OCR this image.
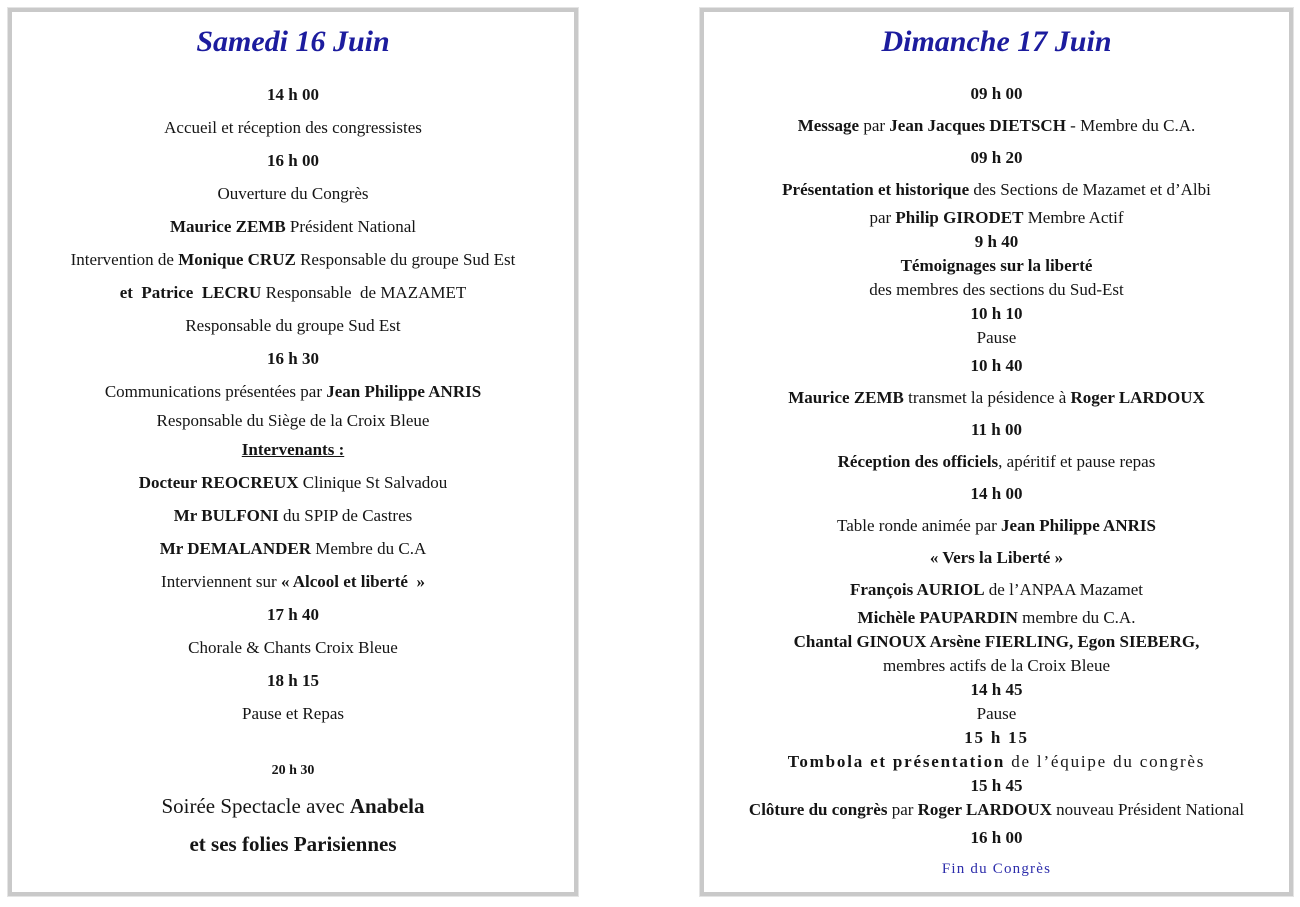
Samedi 16 Juin
14 h 00
Accueil et réception des congressistes
16 h 00
Ouverture du Congrès
Maurice ZEMB Président National
Intervention de Monique CRUZ Responsable du groupe Sud Est
et  Patrice  LECRU Responsable  de MAZAMET
Responsable du groupe Sud Est
16 h 30
Communications présentées par Jean Philippe ANRIS
Responsable du Siège de la Croix Bleue
Intervenants :
Docteur REOCREUX Clinique St Salvadou
Mr BULFONI du SPIP de Castres
Mr DEMALANDER Membre du C.A
Interviennent sur « Alcool et liberté  »
17 h 40
Chorale & Chants Croix Bleue
18 h 15
Pause et Repas
20 h 30
Soirée Spectacle avec Anabela
et ses folies Parisiennes
Dimanche 17 Juin
09 h 00
Message par Jean Jacques DIETSCH - Membre du C.A.
09 h 20
Présentation et historique des Sections de Mazamet et d’Albi
par Philip GIRODET Membre Actif
9 h 40
Témoignages sur la liberté
des membres des sections du Sud-Est
10 h 10
Pause
10 h 40
Maurice ZEMB transmet la pésidence à Roger LARDOUX
11 h 00
Réception des officiels, apéritif et pause repas
14 h 00
Table ronde animée par Jean Philippe ANRIS
« Vers la Liberté »
François AURIOL de l’ANPAA Mazamet
Michèle PAUPARDIN membre du C.A.
Chantal GINOUX Arsène FIERLING, Egon SIEBERG,
membres actifs de la Croix Bleue
14 h 45
Pause
15 h 15
Tombola et présentation de l’équipe du congrès
15 h 45
Clôture du congrès par Roger LARDOUX nouveau Président National
16 h 00
Fin du Congrès
